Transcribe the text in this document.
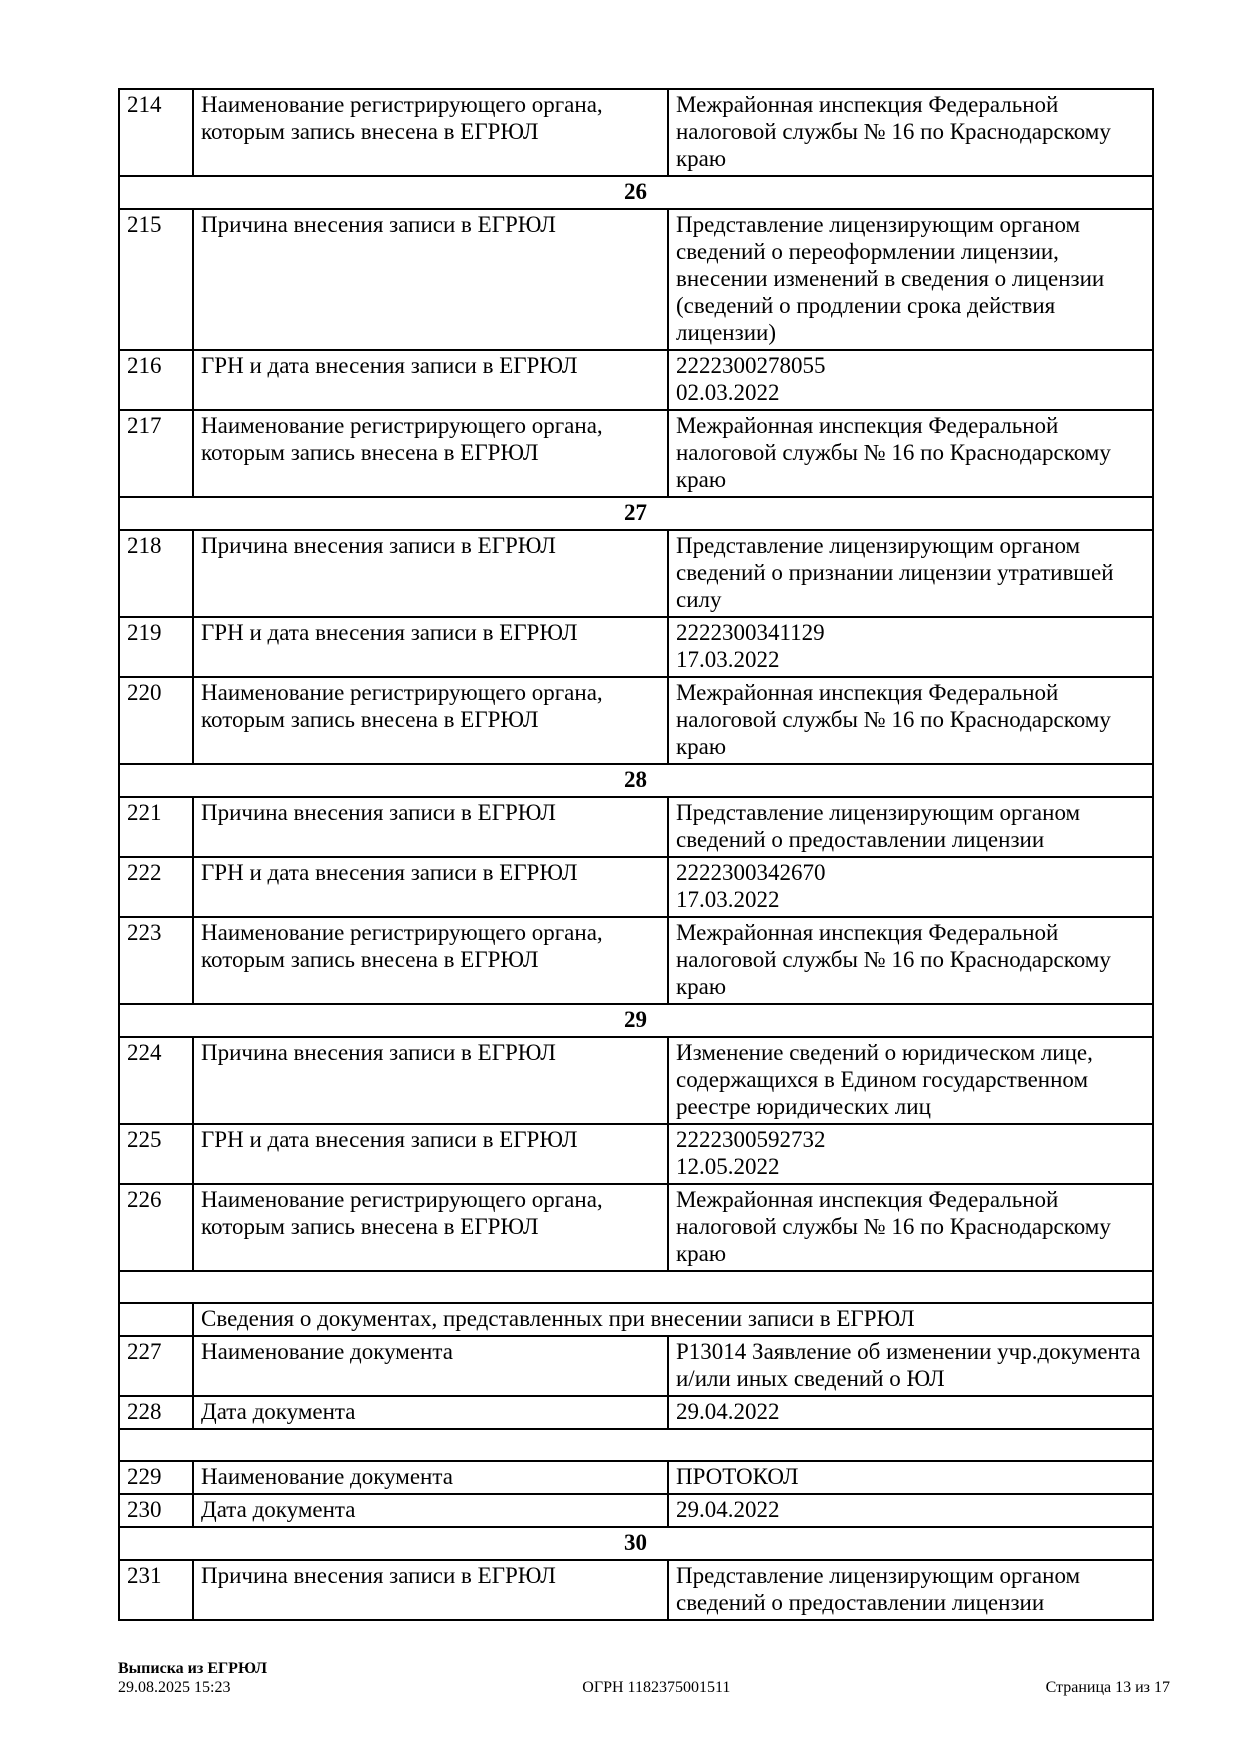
214	Наименование регистрирующего органа, которым запись внесена в ЕГРЮЛ	Межрайонная инспекция Федеральной налоговой службы № 16 по Краснодарскому краю

26		
215	Причина внесения записи в ЕГРЮЛ	Представление лицензирующим органом сведений о переоформлении лицензии, внесении изменений в сведения о лицензии (сведений о продлении срока действия лицензии)

216	ГРН и дата внесения записи в ЕГРЮЛ	2222300278055
02.03.2022

217	Наименование регистрирующего органа, которым запись внесена в ЕГРЮЛ	Межрайонная инспекция Федеральной налоговой службы № 16 по Краснодарскому краю

27		
218	Причина внесения записи в ЕГРЮЛ	Представление лицензирующим органом сведений о признании лицензии утратившей силу

219	ГРН и дата внесения записи в ЕГРЮЛ	2222300341129
17.03.2022

220	Наименование регистрирующего органа, которым запись внесена в ЕГРЮЛ	Межрайонная инспекция Федеральной налоговой службы № 16 по Краснодарскому краю

28		
221	Причина внесения записи в ЕГРЮЛ	Представление лицензирующим органом сведений о предоставлении лицензии

222	ГРН и дата внесения записи в ЕГРЮЛ	2222300342670
17.03.2022

223	Наименование регистрирующего органа, которым запись внесена в ЕГРЮЛ	Межрайонная инспекция Федеральной налоговой службы № 16 по Краснодарскому краю

29		
224	Причина внесения записи в ЕГРЮЛ	Изменение сведений о юридическом лице, содержащихся в Едином государственном реестре юридических лиц

225	ГРН и дата внесения записи в ЕГРЮЛ	2222300592732
12.05.2022

226	Наименование регистрирующего органа, которым запись внесена в ЕГРЮЛ	Межрайонная инспекция Федеральной налоговой службы № 16 по Краснодарскому краю

	Сведения о документах, представленных при внесении записи в ЕГРЮЛ	
227	Наименование документа	Р13014 Заявление об изменении учр.документа и/или иных сведений о ЮЛ

228	Дата документа	29.04.2022

229	Наименование документа	ПРОТОКОЛ

230	Дата документа	29.04.2022

30		
231	Причина внесения записи в ЕГРЮЛ	Представление лицензирующим органом сведений о предоставлении лицензии
Выписка из ЕГРЮЛ
29.08.2025 15:23	ОГРН 1182375001511	Страница 13 из 17
